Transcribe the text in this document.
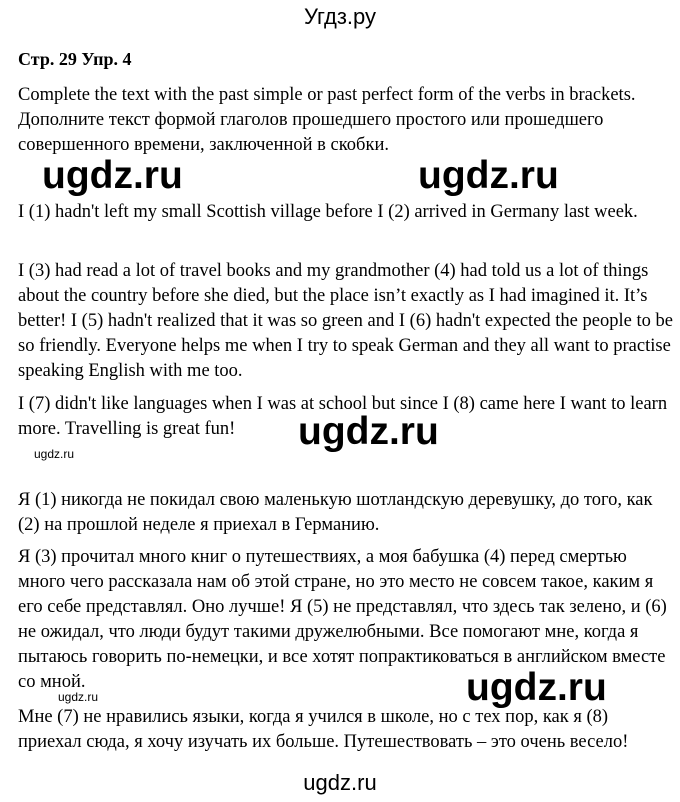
Угдз.ру
Стр. 29 Упр. 4

Complete the text with the past simple or past perfect form of the verbs in brackets.

Дополните текст формой глаголов прошедшего простого или прошедшего совершенного времени, заключенной в скобки.

ugdz.ru	ugdz.ru

I (1) hadn't left my small Scottish village before I (2) arrived in Germany last week.

I (3) had read a lot of travel books and my grandmother (4) had told us a lot of things about the country before she died, but the place isn’t exactly as I had imagined it. It’s better! I (5) hadn't realized that it was so green and I (6) hadn't expected the people to be so friendly. Everyone helps me when I try to speak German and they all want to practise speaking English with me too.

I (7) didn't like languages when I was at school but since I (8) came here I want to learn more. Travelling is great fun!	ugdz.ru
ugdz.ru

Я (1) никогда не покидал свою маленькую шотландскую деревушку, до того, как (2) на прошлой неделе я приехал в Германию.

Я (3) прочитал много книг о путешествиях, а моя бабушка (4) перед смертью много чего рассказала нам об этой стране, но это место не совсем такое, каким я его себе представлял. Оно лучше! Я (5) не представлял, что здесь так зелено, и (6) не ожидал, что люди будут такими дружелюбными. Все помогают мне, когда я пытаюсь говорить по-немецки, и все хотят попрактиковаться в английском вместе со мной.

ugdz.ru	ugdz.ru

Мне (7) не нравились языки, когда я учился в школе, но с тех пор, как я (8) приехал сюда, я хочу изучать их больше. Путешествовать – это очень весело!

ugdz.ru
